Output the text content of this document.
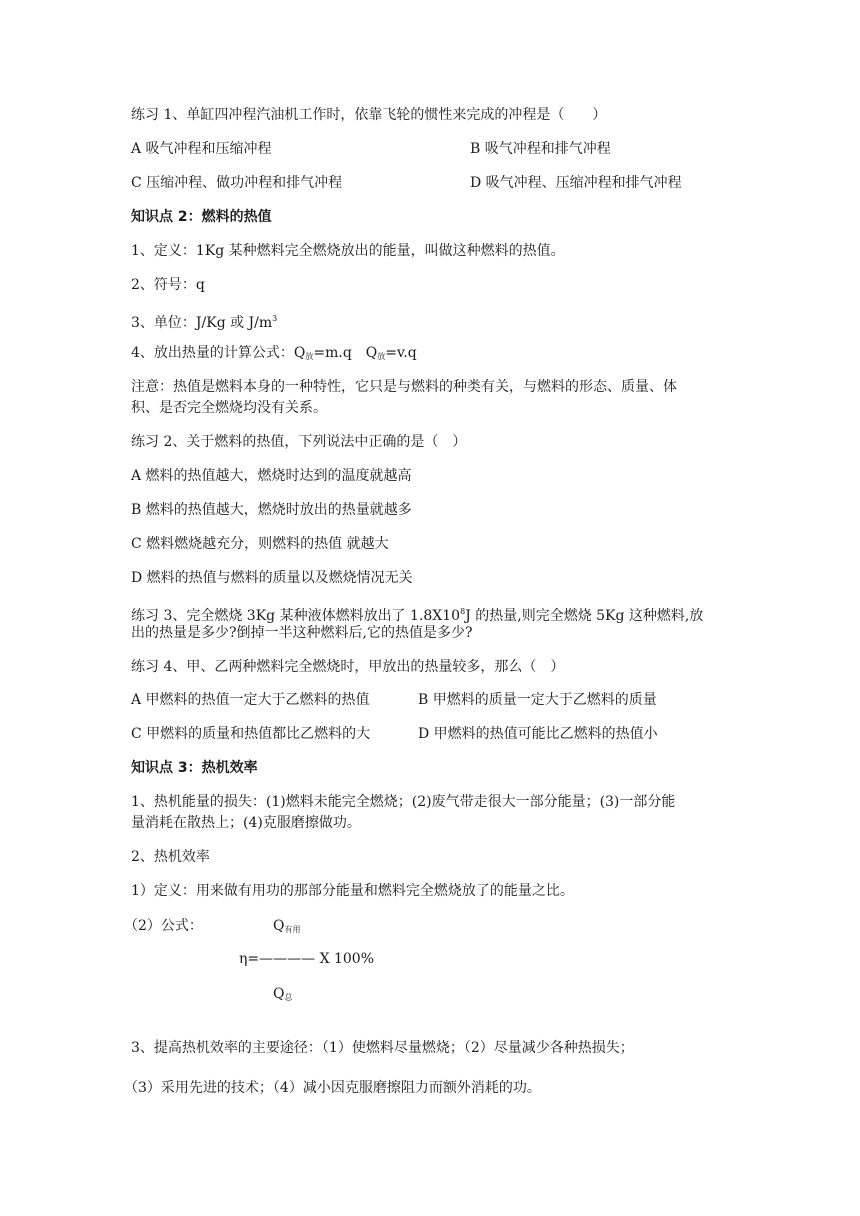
练习 1、单缸四冲程汽油机工作时，依靠飞轮的惯性来完成的冲程是（　　）
A 吸气冲程和压缩冲程	B 吸气冲程和排气冲程
C 压缩冲程、做功冲程和排气冲程	D 吸气冲程、压缩冲程和排气冲程
知识点 2：燃料的热值
1、定义：1Kg 某种燃料完全燃烧放出的能量，叫做这种燃料的热值。
2、符号：q
3、单位：J/Kg 或 $J/m^3$
4、放出热量的计算公式：$Q_放=m.q$　$Q_放=v.q$
注意：热值是燃料本身的一种特性，它只是与燃料的种类有关，与燃料的形态、质量、体
积、是否完全燃烧均没有关系。
练习 2、关于燃料的热值，下列说法中正确的是（　）
A 燃料的热值越大，燃烧时达到的温度就越高
B 燃料的热值越大，燃烧时放出的热量就越多
C 燃料燃烧越充分，则燃料的热值 就越大
D 燃料的热值与燃料的质量以及燃烧情况无关
练习 3、完全燃烧 3Kg 某种液体燃料放出了 $1.8X10^8J$ 的热量,则完全燃烧 5Kg 这种燃料,放
出的热量是多少?倒掉一半这种燃料后,它的热值是多少?
练习 4、甲、乙两种燃料完全燃烧时，甲放出的热量较多，那么（　）
A 甲燃料的热值一定大于乙燃料的热值	B 甲燃料的质量一定大于乙燃料的质量
C 甲燃料的质量和热值都比乙燃料的大	D 甲燃料的热值可能比乙燃料的热值小
知识点 3：热机效率
1、热机能量的损失：(1)燃料未能完全燃烧；(2)废气带走很大一部分能量；(3)一部分能
量消耗在散热上；(4)克服磨擦做功。
2、热机效率
1）定义：用来做有用功的那部分能量和燃料完全燃烧放了的能量之比。
（2）公式：	$Q_{有用}$
η=———— X 100%
$Q_总$
3、提高热机效率的主要途径：（1）使燃料尽量燃烧；（2）尽量减少各种热损失；
（3）采用先进的技术；（4）减小因克服磨擦阻力而额外消耗的功。
